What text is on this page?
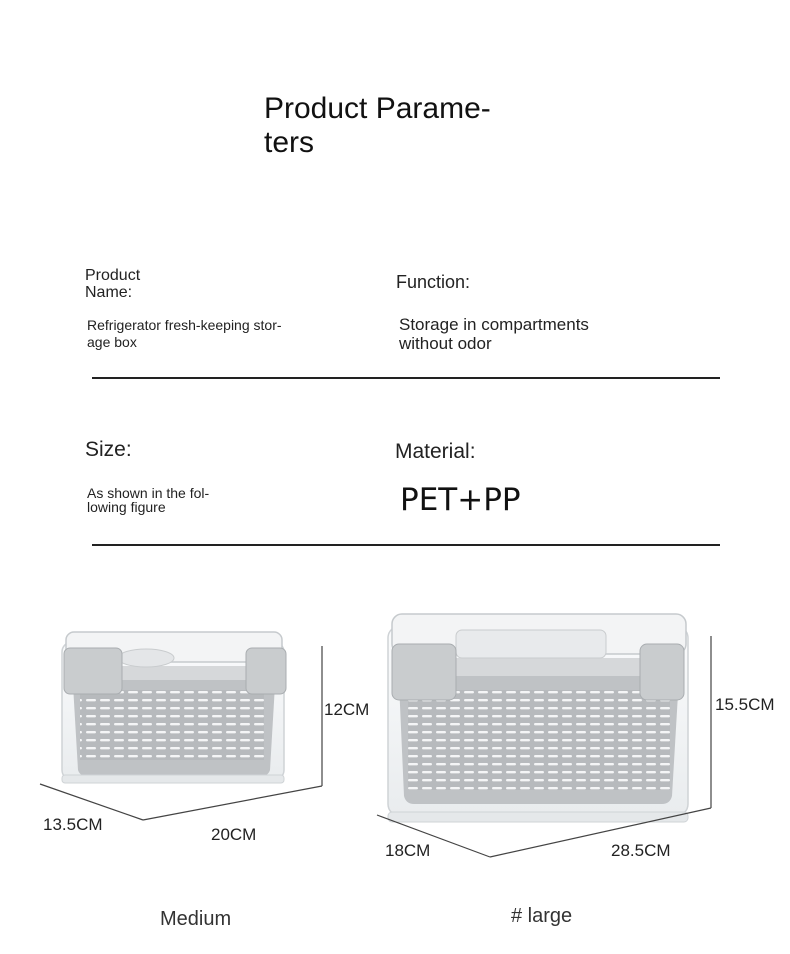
Product Parame-
ters
Product
Name:
Refrigerator fresh-keeping stor-
age box
Function:
Storage in compartments
without odor
Size:
As shown in the fol-
lowing figure
Material:
PET+PP
12CM
13.5CM
20CM
Medium
15.5CM
18CM	28.5CM
# large
